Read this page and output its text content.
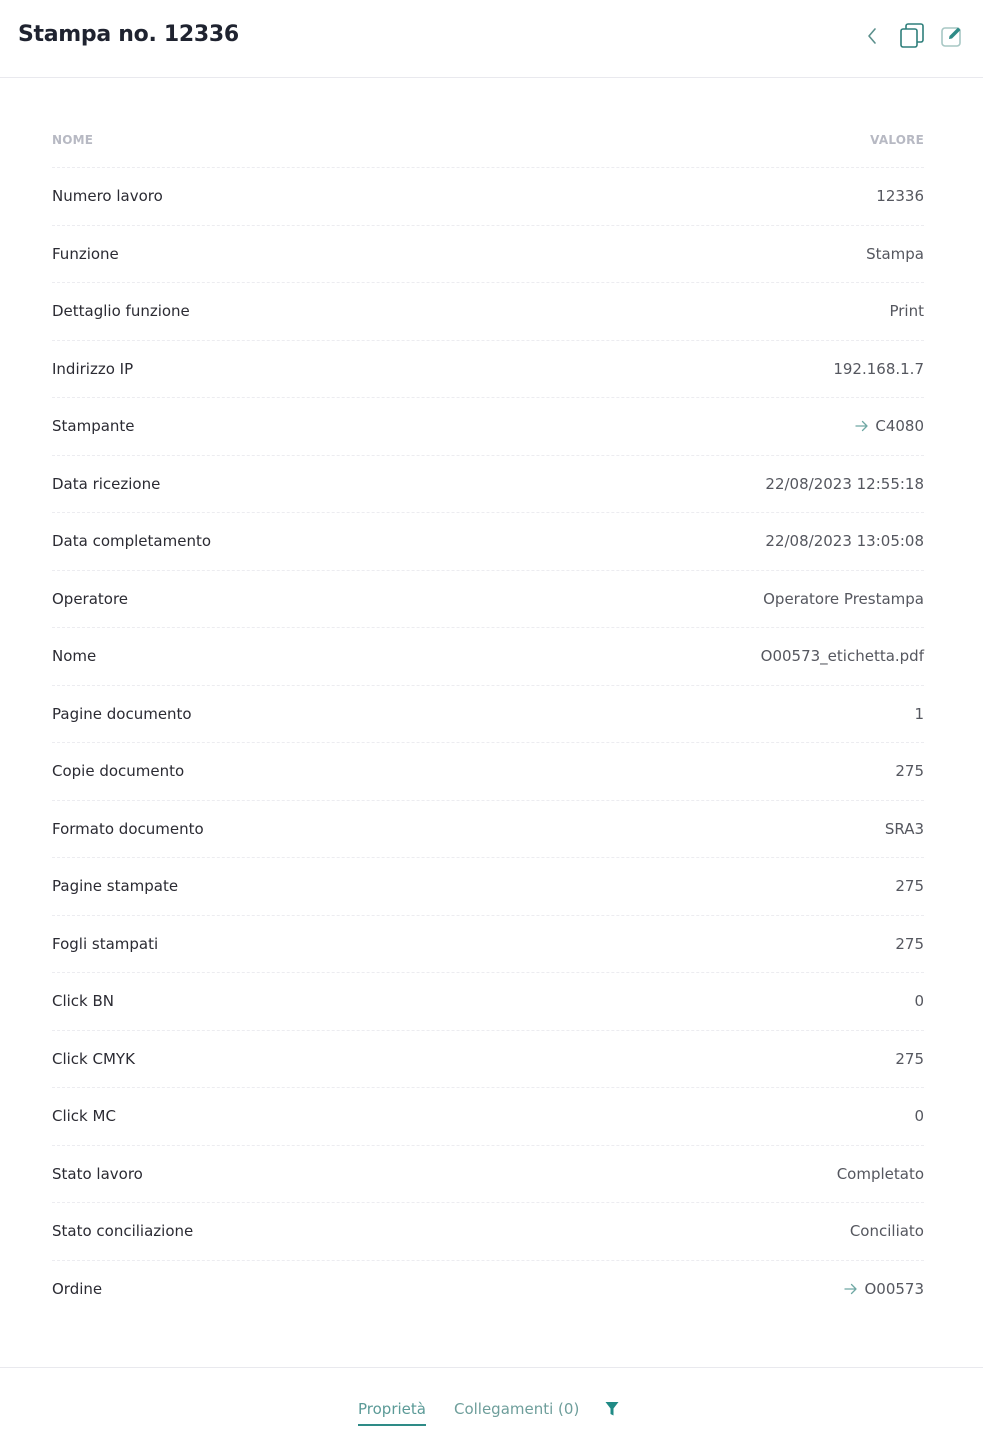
Stampa no. 12336
NOME	VALORE
Numero lavoro	12336
Funzione	Stampa
Dettaglio funzione	Print
Indirizzo IP	192.168.1.7
Stampante	C4080
Data ricezione	22/08/2023 12:55:18
Data completamento	22/08/2023 13:05:08
Operatore	Operatore Prestampa
Nome	O00573_etichetta.pdf
Pagine documento	1
Copie documento	275
Formato documento	SRA3
Pagine stampate	275
Fogli stampati	275
Click BN	0
Click CMYK	275
Click MC	0
Stato lavoro	Completato
Stato conciliazione	Conciliato
Ordine	O00573
Proprietà Collegamenti (0)
